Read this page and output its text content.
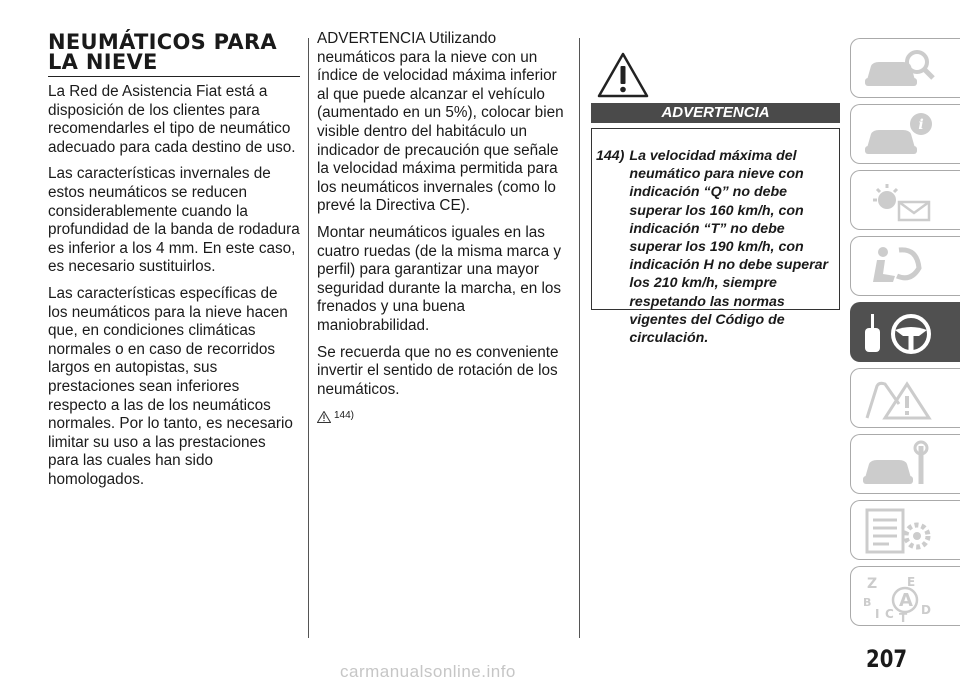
NEUMÁTICOS PARA
LA NIEVE

La Red de Asistencia Fiat está a disposición de los clientes para recomendarles el tipo de neumático adecuado para cada destino de uso.

Las características invernales de estos neumáticos se reducen considerablemente cuando la profundidad de la banda de rodadura es inferior a los 4 mm. En este caso, es necesario sustituirlos.

Las características específicas de los neumáticos para la nieve hacen que, en condiciones climáticas normales o en caso de recorridos largos en autopistas, sus prestaciones sean inferiores respecto a las de los neumáticos normales. Por lo tanto, es necesario limitar su uso a las prestaciones para las cuales han sido homologados.

ADVERTENCIA Utilizando neumáticos para la nieve con un índice de velocidad máxima inferior al que puede alcanzar el vehículo (aumentado en un 5%), colocar bien visible dentro del habitáculo un indicador de precaución que señale la velocidad máxima permitida para los neumáticos invernales (como lo prevé la Directiva CE).

Montar neumáticos iguales en las cuatro ruedas (de la misma marca y perfil) para garantizar una mayor seguridad durante la marcha, en los frenados y una buena maniobrabilidad.

Se recuerda que no es conveniente invertir el sentido de rotación de los neumáticos.

144)
ADVERTENCIA
144) La velocidad máxima del neumático para nieve con indicación “Q” no debe superar los 160 km/h, con indicación “T” no debe superar los 190 km/h, con indicación H no debe superar los 210 km/h, siempre respetando las normas vigentes del Código de circulación.
i
Z E
B A
I C T
D
207
carmanualsonline.info
